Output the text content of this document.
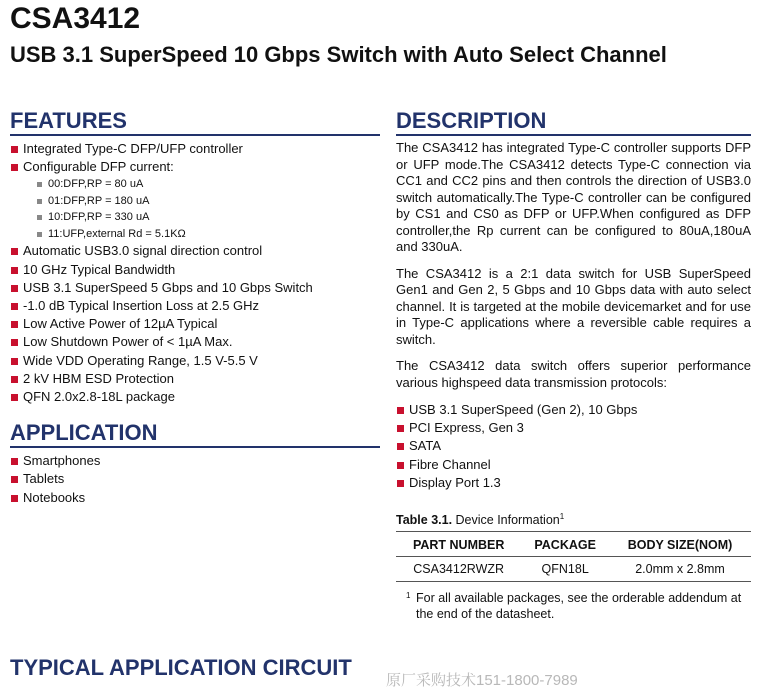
CSA3412
USB 3.1 SuperSpeed 10 Gbps Switch with Auto Select Channel
FEATURES
Integrated Type-C DFP/UFP controller
Configurable DFP current:
00:DFP,RP = 80 uA
01:DFP,RP = 180 uA
10:DFP,RP = 330 uA
11:UFP,external Rd = 5.1KΩ
Automatic USB3.0 signal direction control
10 GHz Typical Bandwidth
USB 3.1 SuperSpeed 5 Gbps and 10 Gbps Switch
-1.0 dB Typical Insertion Loss at 2.5 GHz
Low Active Power of 12µA Typical
Low Shutdown Power of < 1µA Max.
Wide VDD Operating Range, 1.5 V-5.5 V
2 kV HBM ESD Protection
QFN 2.0x2.8-18L package
APPLICATION
Smartphones
Tablets
Notebooks
DESCRIPTION

The CSA3412 has integrated Type-C controller supports DFP or UFP mode.The CSA3412 detects Type-C connection via CC1 and CC2 pins and then controls the direction of USB3.0 switch automatically.The Type-C controller can be configured by CS1 and CS0 as DFP or UFP.When configured as DFP controller,the Rp current can be configured to 80uA,180uA and 330uA.

The CSA3412 is a 2:1 data switch for USB SuperSpeed Gen1 and Gen 2, 5 Gbps and 10 Gbps data with auto select channel. It is targeted at the mobile devicemarket and for use in Type-C applications where a reversible cable requires a switch.

The CSA3412 data switch offers superior performance various highspeed data transmission protocols:

USB 3.1 SuperSpeed (Gen 2), 10 Gbps
PCI Express, Gen 3
SATA
Fibre Channel
Display Port 1.3
Table 3.1. Device Information$^1$
PART NUMBER	PACKAGE	BODY SIZE(NOM)
CSA3412RWZR	QFN18L	2.0mm x 2.8mm
1 For all available packages, see the orderable addendum at the end of the datasheet.
TYPICAL APPLICATION CIRCUIT
原厂采购技术151-1800-7989
